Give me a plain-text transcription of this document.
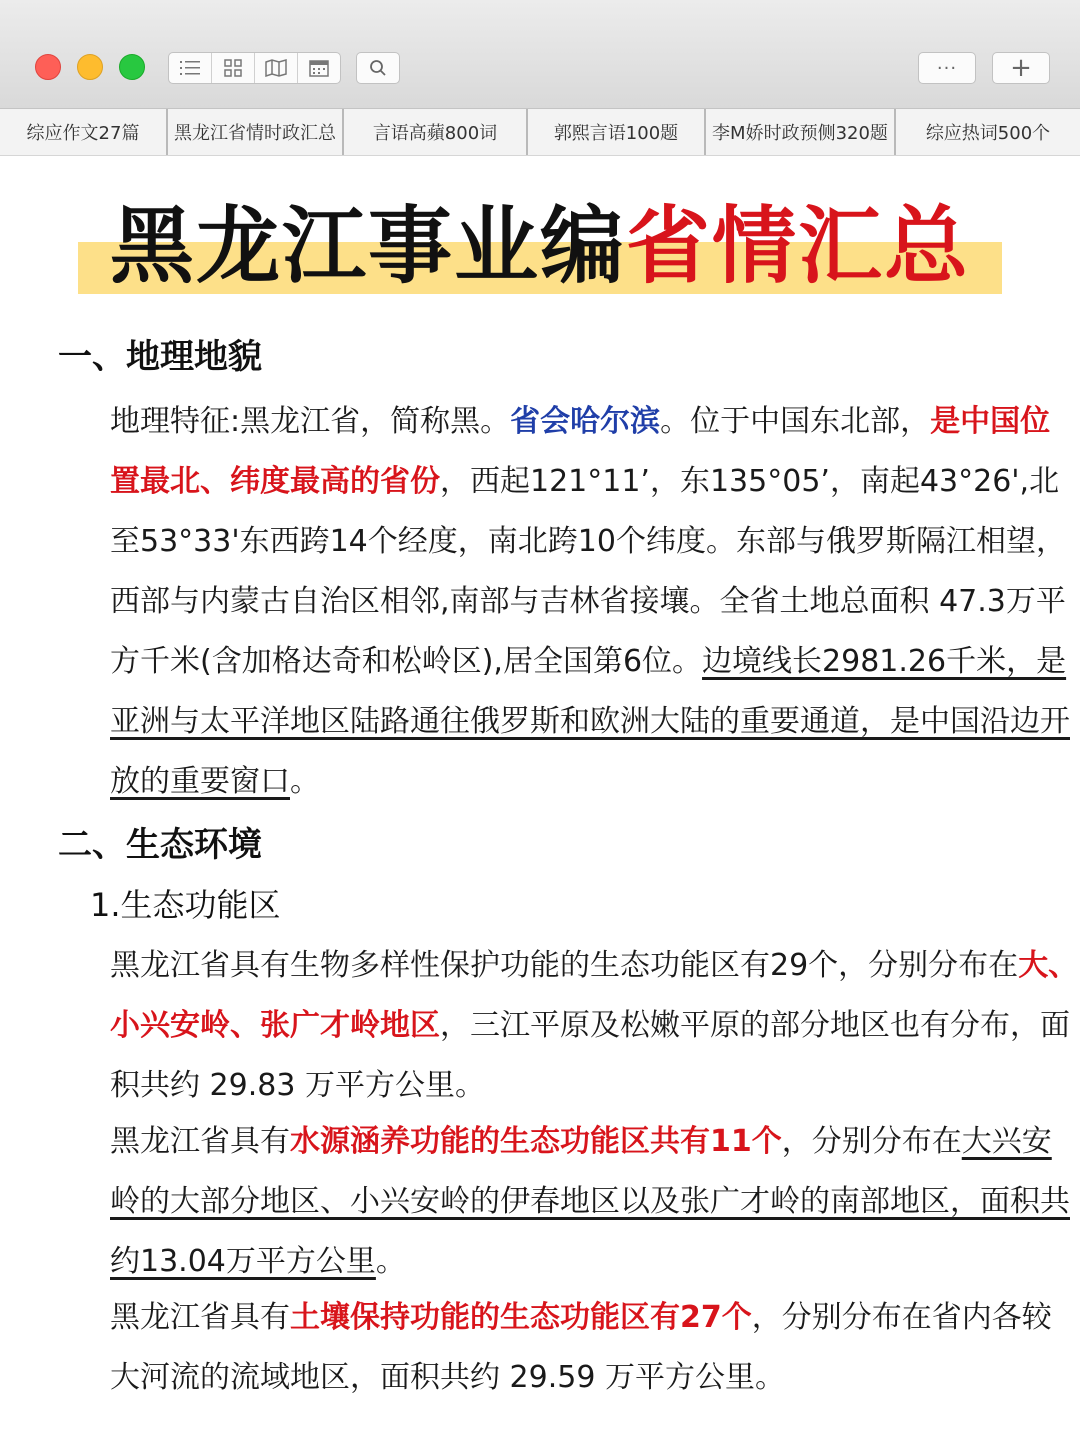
···	+
综应作文27篇	黑龙江省情时政汇总	言语高蘋800词	郭熙言语100题	李M娇时政预侧320题	综应热词500个
黑龙江事业编省情汇总
一、地理地貌
地理特征:黑龙江省，简称黑。省会哈尔滨。位于中国东北部，是中国位置最北、纬度最高的省份，西起121°11’，东135°05’，南起43°26',北至53°33'东西跨14个经度，南北跨10个纬度。东部与俄罗斯隔江相望，西部与内蒙古自治区相邻,南部与吉林省接壤。全省土地总面积 47.3万平方千米(含加格达奇和松岭区),居全国第6位。边境线长2981.26千米，是亚洲与太平洋地区陆路通往俄罗斯和欧洲大陆的重要通道，是中国沿边开放的重要窗口。
二、生态环境
1.生态功能区
黑龙江省具有生物多样性保护功能的生态功能区有29个，分别分布在大、小兴安岭、张广才岭地区，三江平原及松嫩平原的部分地区也有分布，面积共约 29.83 万平方公里。
黑龙江省具有水源涵养功能的生态功能区共有11个，分别分布在大兴安岭的大部分地区、小兴安岭的伊春地区以及张广才岭的南部地区，面积共约13.04万平方公里。
黑龙江省具有土壤保持功能的生态功能区有27个，分别分布在省内各较大河流的流域地区，面积共约 29.59 万平方公里。
